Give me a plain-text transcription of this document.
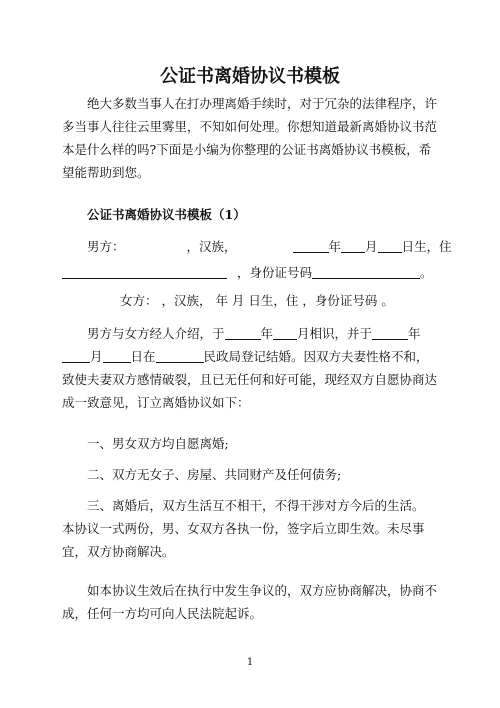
公证书离婚协议书模板
绝大多数当事人在打办理离婚手续时，对于冗杂的法律程序，许多当事人往往云里雾里，不知如何处理。你想知道最新离婚协议书范本是什么样的吗?下面是小编为你整理的公证书离婚协议书模板，希望能帮助到您。
公证书离婚协议书模板（1）
男方：	，汉族，	年 月 日生，住
，身份证号码	。
女方： ，汉族， 年 月 日生，住 ，身份证号码 。
男方与女方经人介绍，于	年 月相识，并于	年月 日在	民政局登记结婚。因双方夫妻性格不和，致使夫妻双方感情破裂，且已无任何和好可能，现经双方自愿协商达成一致意见，订立离婚协议如下：
一、男女双方均自愿离婚;
二、双方无女子、房屋、共同财产及任何债务;
三、离婚后，双方生活互不相干，不得干涉对方今后的生活。 本协议一式两份，男、女双方各执一份，签字后立即生效。未尽事宜，双方协商解决。
如本协议生效后在执行中发生争议的，双方应协商解决，协商不成，任何一方均可向人民法院起诉。
1
